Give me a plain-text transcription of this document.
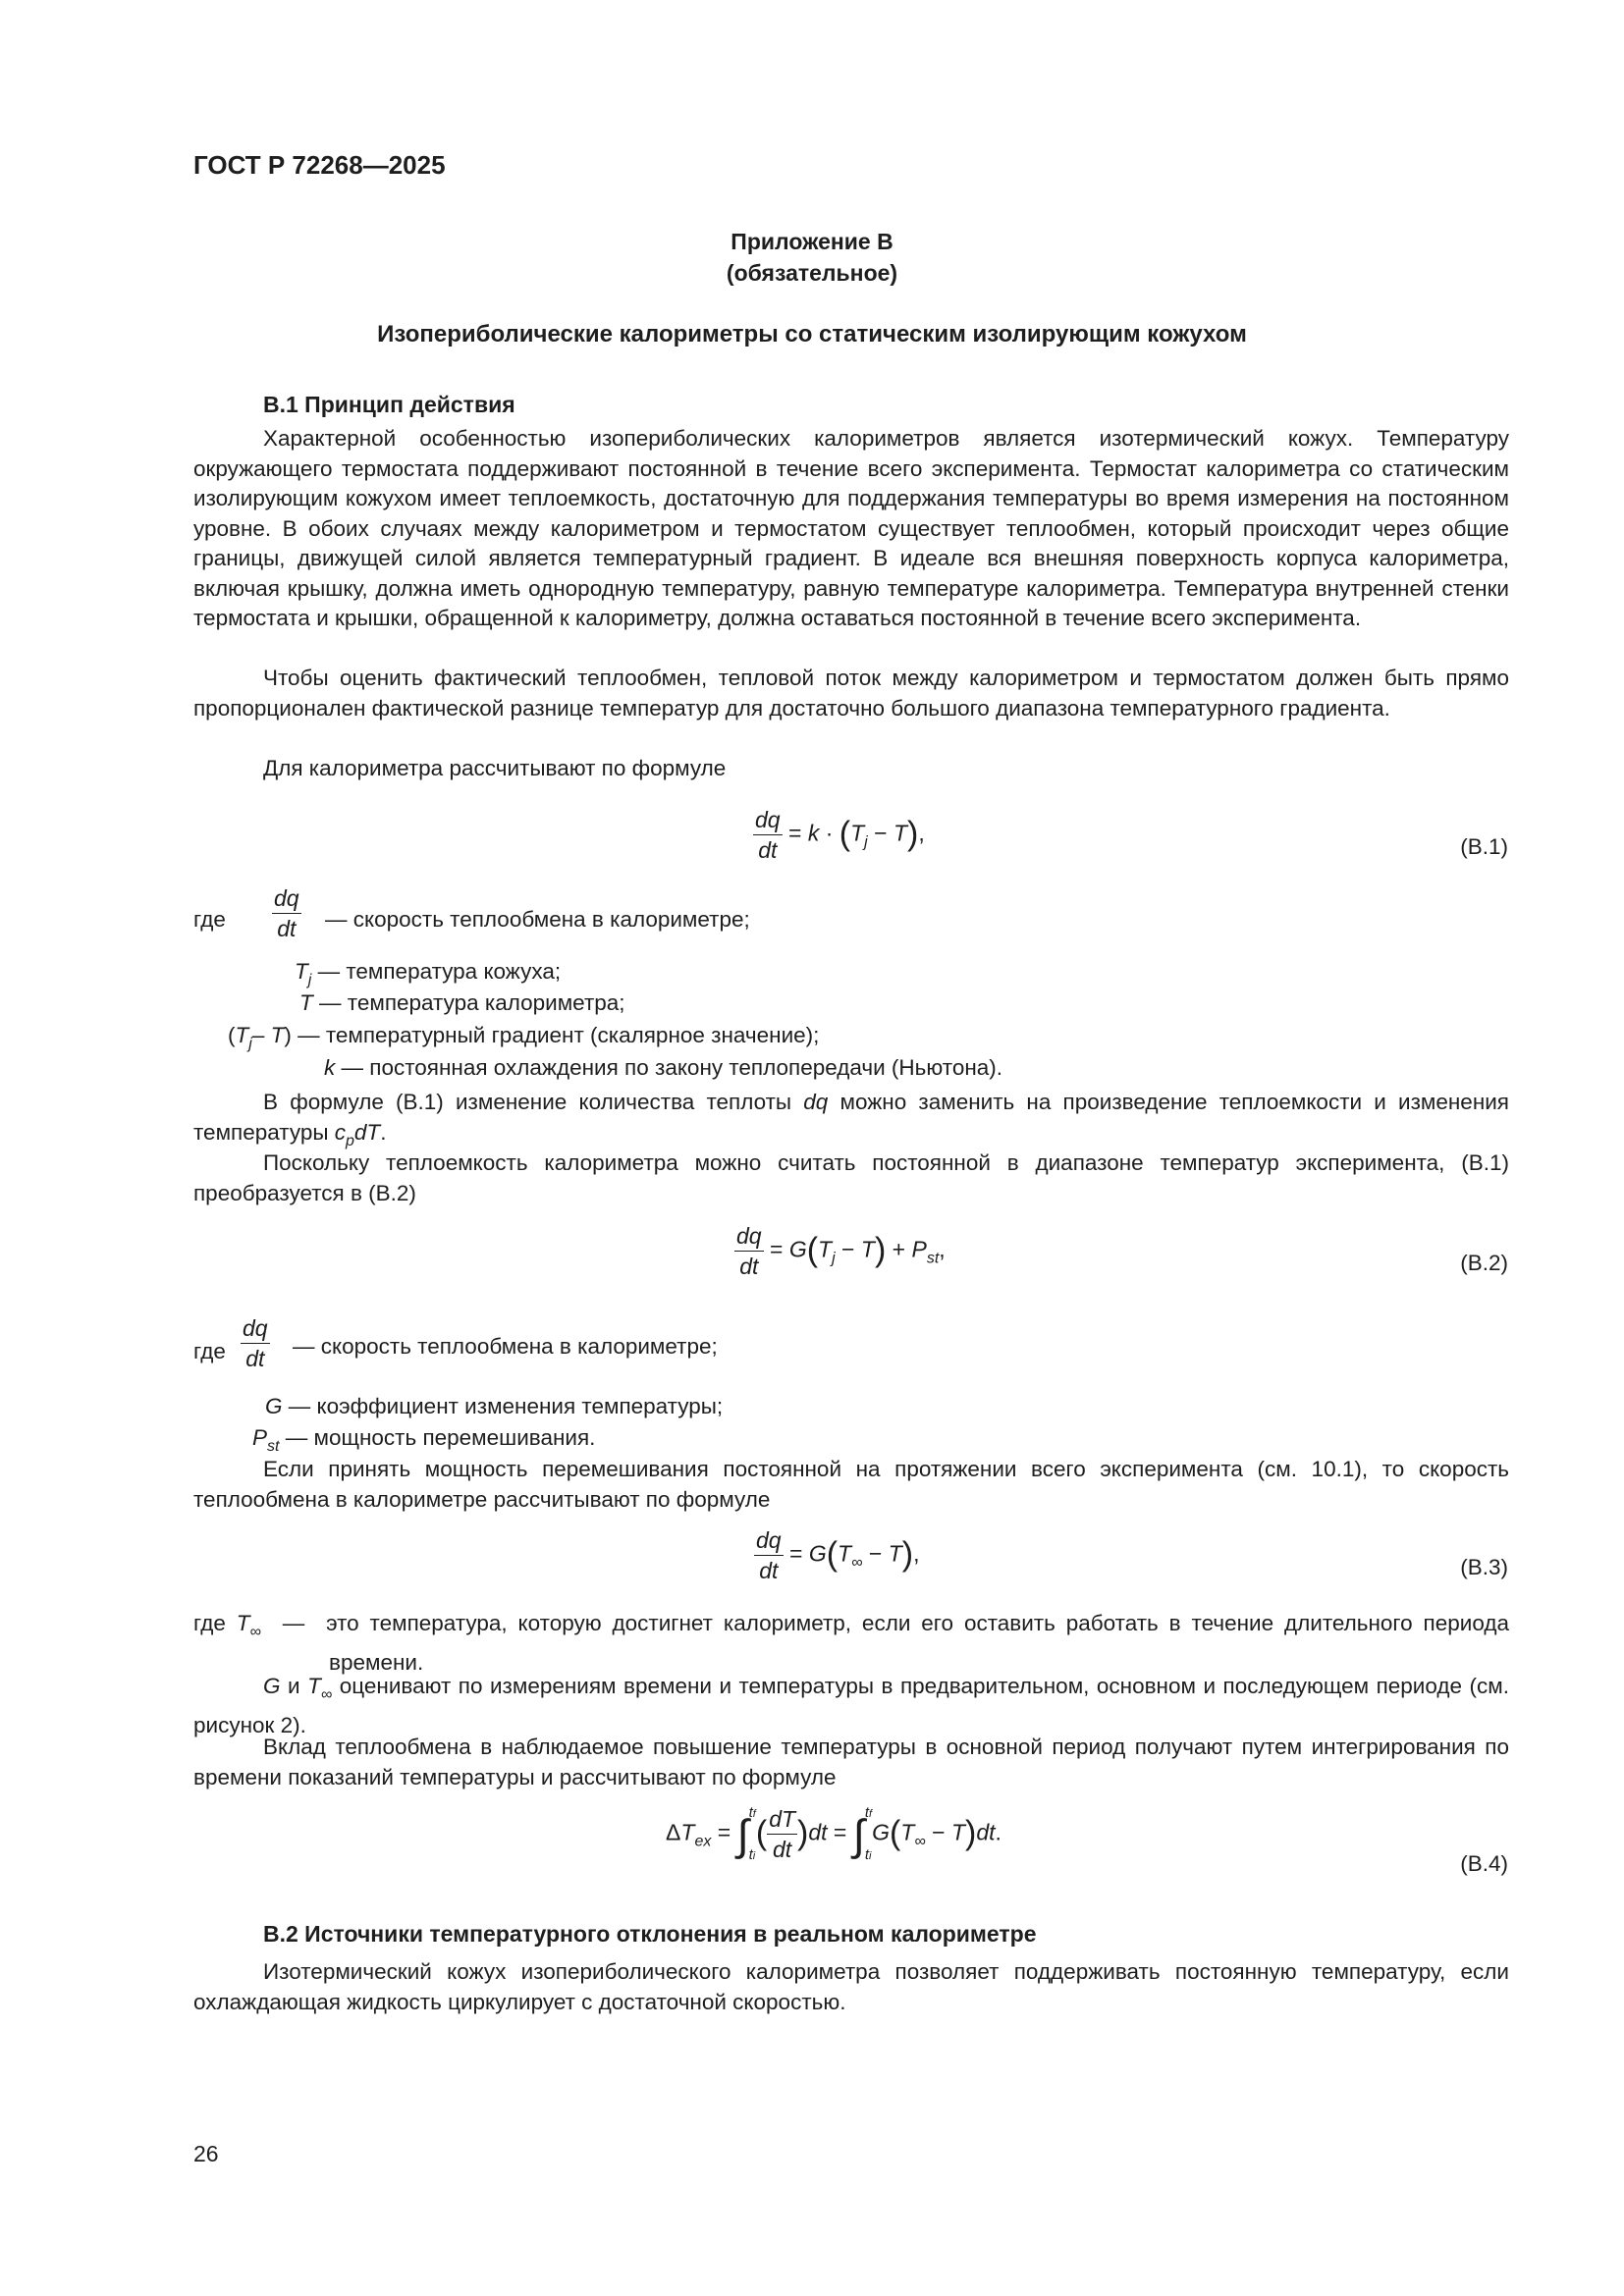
ГОСТ Р 72268—2025
Приложение В
(обязательное)
Изопериболические калориметры со статическим изолирующим кожухом
В.1 Принцип действия
Характерной особенностью изопериболических калориметров является изотермический кожух. Температуру окружающего термостата поддерживают постоянной в течение всего эксперимента. Термостат калориметра со статическим изолирующим кожухом имеет теплоемкость, достаточную для поддержания температуры во время измерения на постоянном уровне. В обоих случаях между калориметром и термостатом существует теплообмен, который происходит через общие границы, движущей силой является температурный градиент. В идеале вся внешняя поверхность корпуса калориметра, включая крышку, должна иметь однородную температуру, равную температуре калориметра. Температура внутренней стенки термостата и крышки, обращенной к калориметру, должна оставаться постоянной в течение всего эксперимента.
Чтобы оценить фактический теплообмен, тепловой поток между калориметром и термостатом должен быть прямо пропорционален фактической разнице температур для достаточно большого диапазона температурного градиента.
Для калориметра рассчитывают по формуле
$\frac{dq}{dt} = k \cdot (T_j - T)$,
(В.1)
где $\frac{dq}{dt}$ — скорость теплообмена в калориметре;
$T_j$ — температура кожуха;
T — температура калориметра;
($T_j-$ T) — температурный градиент (скалярное значение);
k — постоянная охлаждения по закону теплопередачи (Ньютона).
В формуле (В.1) изменение количества теплоты dq можно заменить на произведение теплоемкости и изменения температуры $c_pdT$.
Поскольку теплоемкость калориметра можно считать постоянной в диапазоне температур эксперимента, (В.1) преобразуется в (В.2)
$\frac{dq}{dt} = G(T_j - T) + P_{st}$,
(В.2)
где $\frac{dq}{dt}$ — скорость теплообмена в калориметре;
G — коэффициент изменения температуры;
$P_{st}$ — мощность перемешивания.
Если принять мощность перемешивания постоянной на протяжении всего эксперимента (см. 10.1), то скорость теплообмена в калориметре рассчитывают по формуле
$\frac{dq}{dt} = G(T_\infty - T)$,
(В.3)
где $T_\infty$ — это температура, которую достигнет калориметр, если его оставить работать в течение длительного периода времени.
G и $T_\infty$ оценивают по измерениям времени и температуры в предварительном, основном и последующем периоде (см. рисунок 2).
Вклад теплообмена в наблюдаемое повышение температуры в основной период получают путем интегрирования по времени показаний температуры и рассчитывают по формуле
$\Delta T_{ex}$ = ∫ tf
ti
( $\frac{dT}{dt} )dt$ = ∫ tf
ti
$G(T_\infty - T)dt$.
(В.4)
В.2 Источники температурного отклонения в реальном калориметре
Изотермический кожух изопериболического калориметра позволяет поддерживать постоянную температуру, если охлаждающая жидкость циркулирует с достаточной скоростью.
26
